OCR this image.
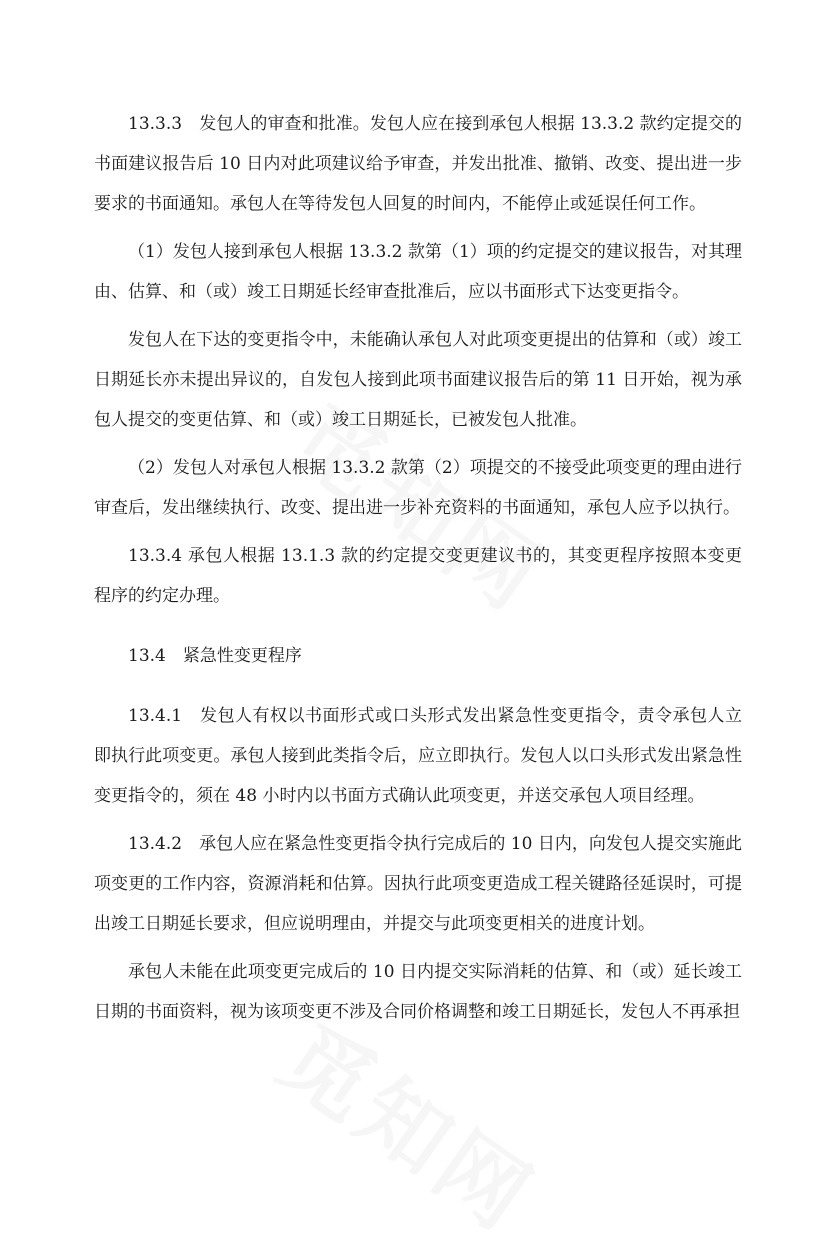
13.3.3　发包人的审查和批准。发包人应在接到承包人根据 13.3.2 款约定提交的书面建议报告后 10 日内对此项建议给予审查，并发出批准、撤销、改变、提出进一步要求的书面通知。承包人在等待发包人回复的时间内，不能停止或延误任何工作。

（1）发包人接到承包人根据 13.3.2 款第（1）项的约定提交的建议报告，对其理由、估算、和（或）竣工日期延长经审查批准后，应以书面形式下达变更指令。

发包人在下达的变更指令中，未能确认承包人对此项变更提出的估算和（或）竣工日期延长亦未提出异议的，自发包人接到此项书面建议报告后的第 11 日开始，视为承包人提交的变更估算、和（或）竣工日期延长，已被发包人批准。

（2）发包人对承包人根据 13.3.2 款第（2）项提交的不接受此项变更的理由进行审查后，发出继续执行、改变、提出进一步补充资料的书面通知，承包人应予以执行。

13.3.4 承包人根据 13.1.3 款的约定提交变更建议书的，其变更程序按照本变更程序的约定办理。

13.4　紧急性变更程序

13.4.1　发包人有权以书面形式或口头形式发出紧急性变更指令，责令承包人立即执行此项变更。承包人接到此类指令后，应立即执行。发包人以口头形式发出紧急性变更指令的，须在 48 小时内以书面方式确认此项变更，并送交承包人项目经理。

13.4.2　承包人应在紧急性变更指令执行完成后的 10 日内，向发包人提交实施此项变更的工作内容，资源消耗和估算。因执行此项变更造成工程关键路径延误时，可提出竣工日期延长要求，但应说明理由，并提交与此项变更相关的进度计划。

承包人未能在此项变更完成后的 10 日内提交实际消耗的估算、和（或）延长竣工日期的书面资料，视为该项变更不涉及合同价格调整和竣工日期延长，发包人不再承担
